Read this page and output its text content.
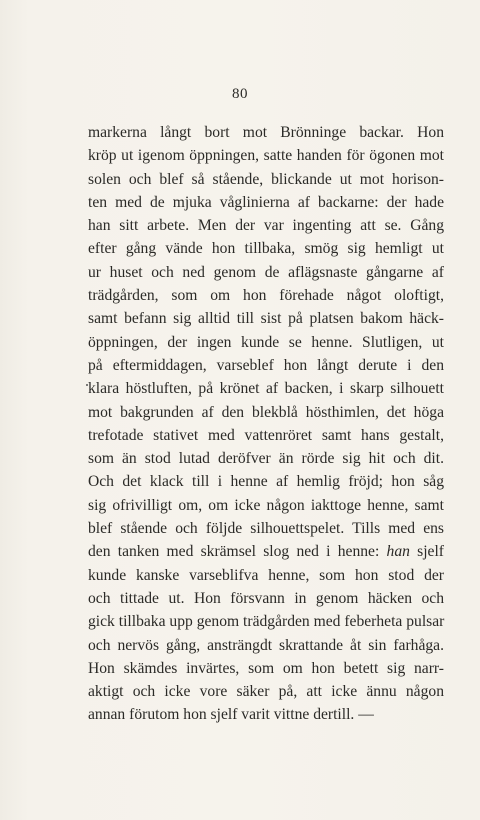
80
markerna långt bort mot Brönninge backar. Hon
kröp ut igenom öppningen, satte handen för ögonen mot
solen och blef så stående, blickande ut mot horison-
ten med de mjuka våglinierna af backarne: der hade
han sitt arbete. Men der var ingenting att se. Gång
efter gång vände hon tillbaka, smög sig hemligt ut
ur huset och ned genom de aflägsnaste gångarne af
trädgården, som om hon förehade något oloftigt,
samt befann sig alltid till sist på platsen bakom häck-
öppningen, der ingen kunde se henne. Slutligen, ut
på eftermiddagen, varseblef hon långt derute i den
klara höstluften, på krönet af backen, i skarp silhouett
mot bakgrunden af den blekblå hösthimlen, det höga
trefotade stativet med vattenröret samt hans gestalt,
som än stod lutad deröfver än rörde sig hit och dit.
Och det klack till i henne af hemlig fröjd; hon såg
sig ofrivilligt om, om icke någon iakttoge henne, samt
blef stående och följde silhouettspelet. Tills med ens
den tanken med skrämsel slog ned i henne: han sjelf
kunde kanske varseblifva henne, som hon stod der
och tittade ut. Hon försvann in genom häcken och
gick tillbaka upp genom trädgården med feberheta pulsar
och nervös gång, ansträngdt skrattande åt sin farhåga.
Hon skämdes invärtes, som om hon betett sig narr-
aktigt och icke vore säker på, att icke ännu någon
annan förutom hon sjelf varit vittne dertill. —
